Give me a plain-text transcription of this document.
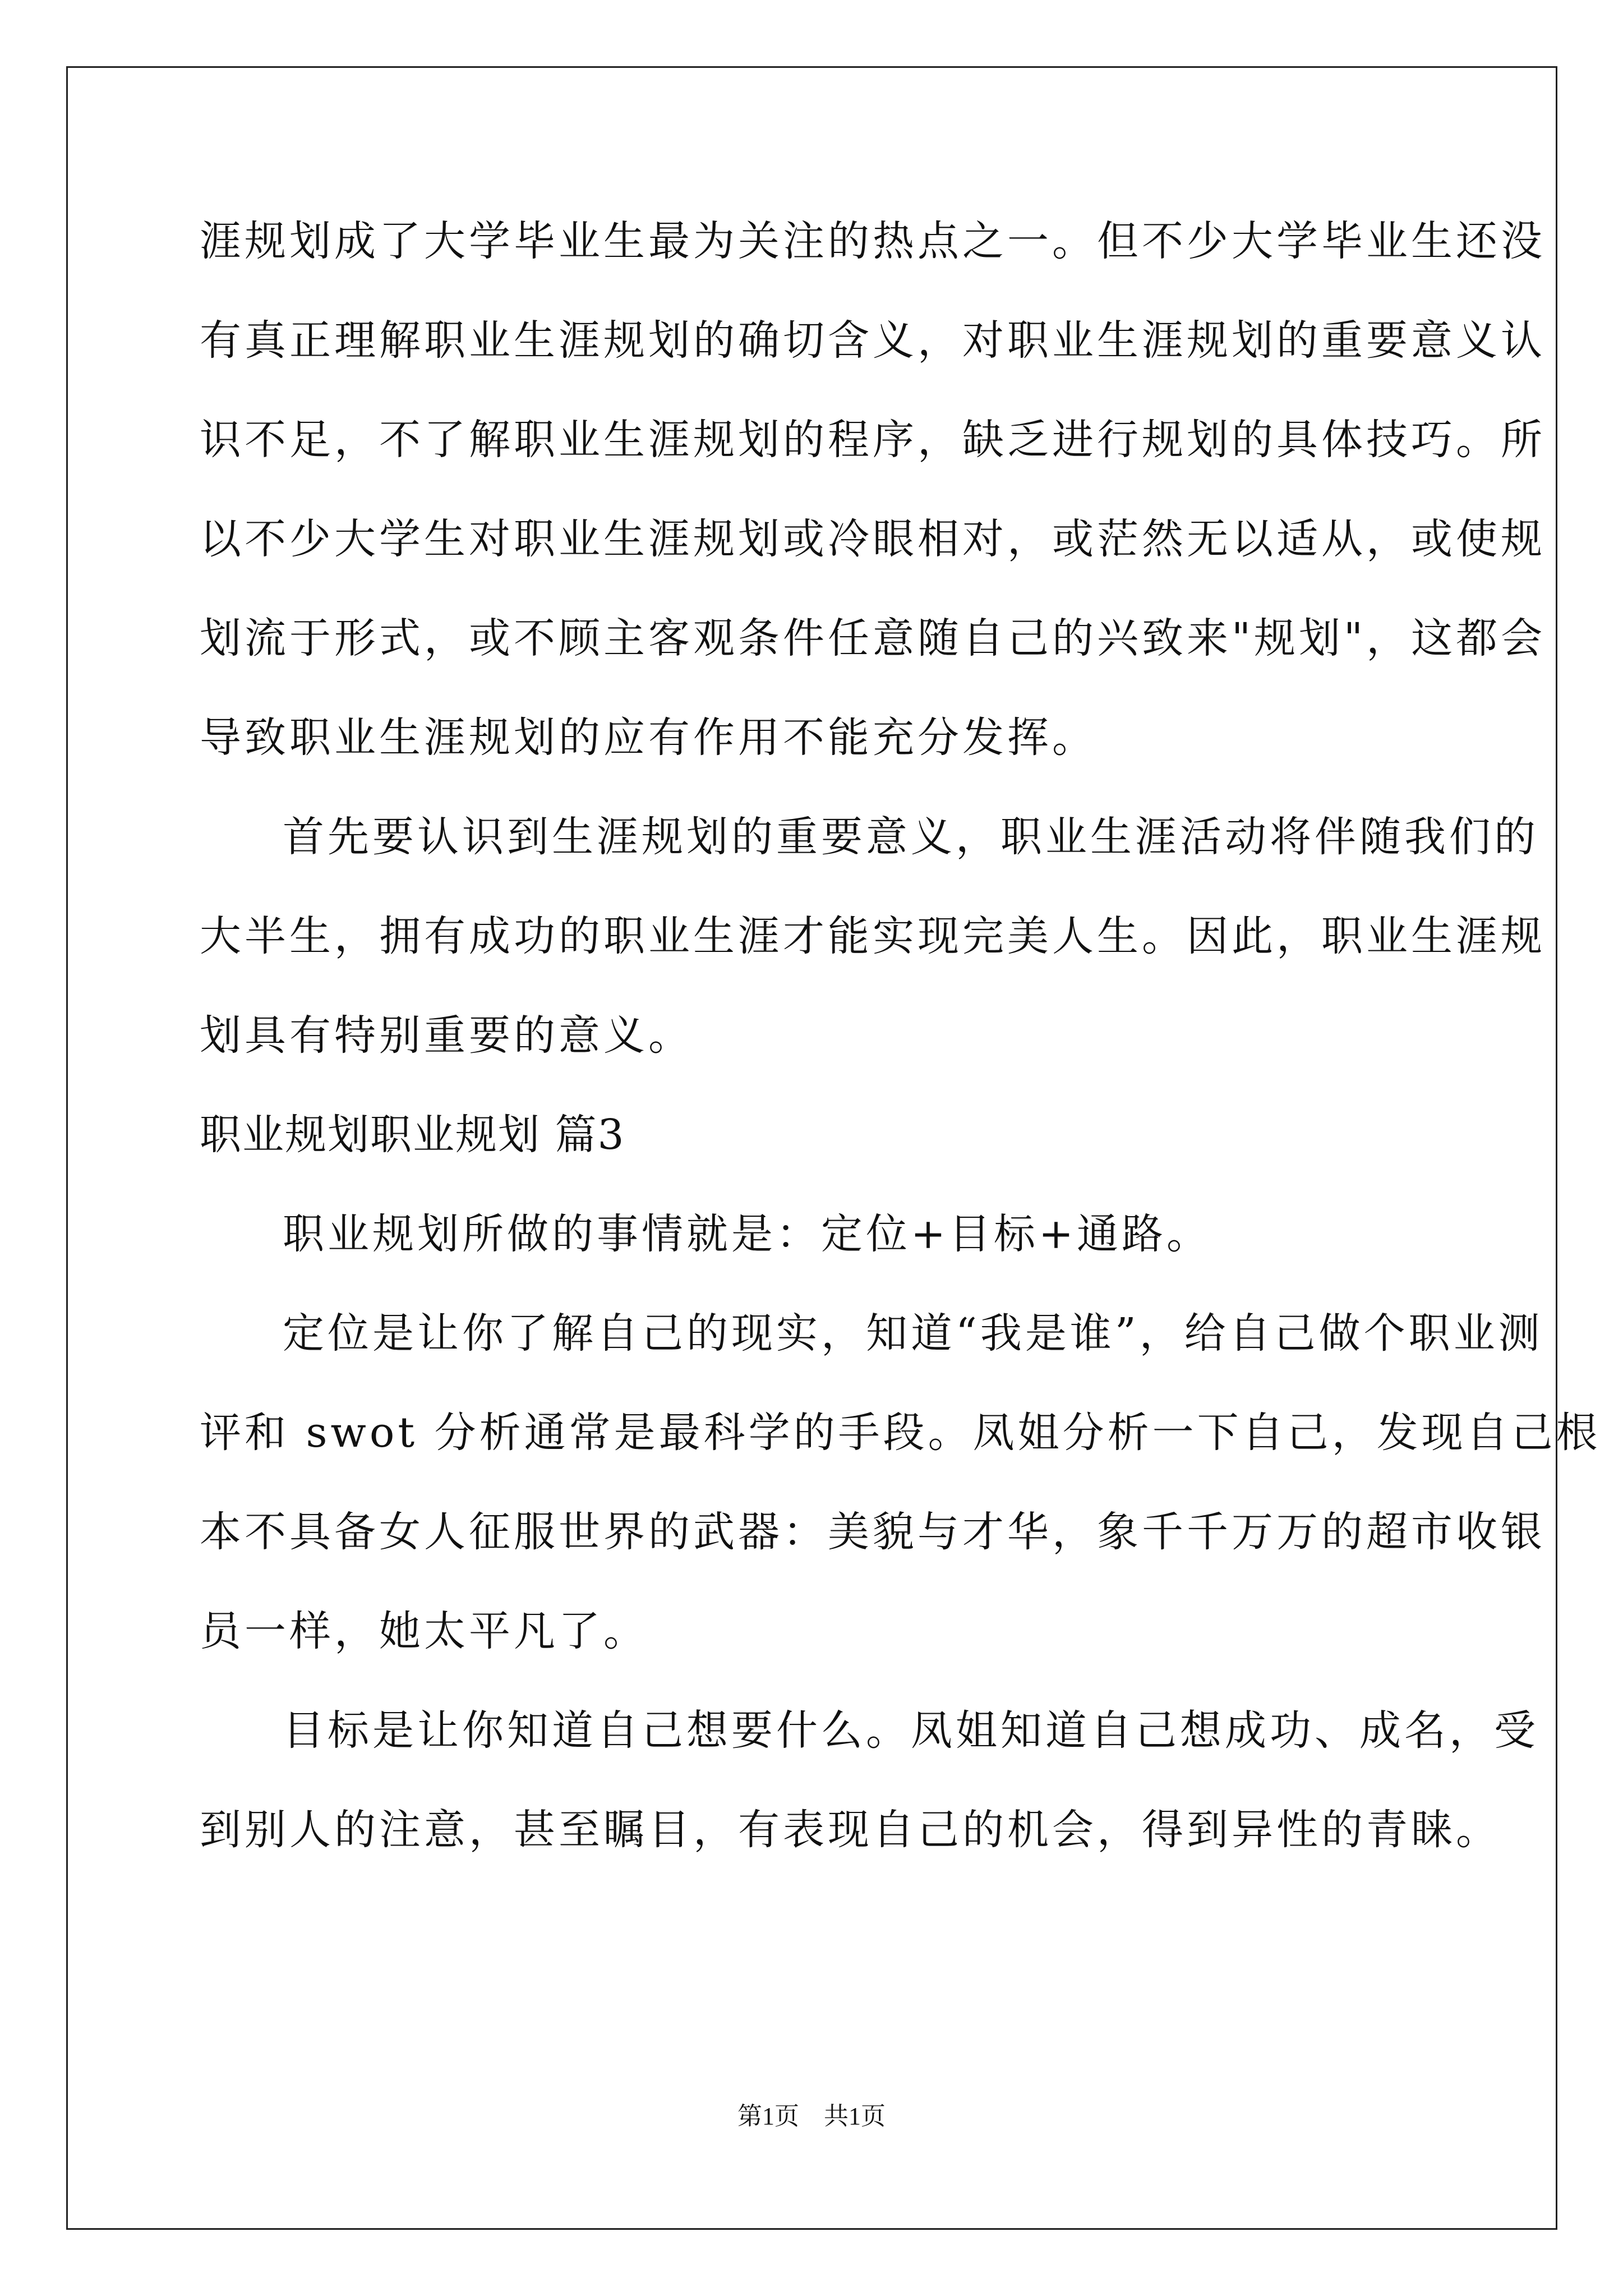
涯规划成了大学毕业生最为关注的热点之一。但不少大学毕业生还没
有真正理解职业生涯规划的确切含义，对职业生涯规划的重要意义认
识不足，不了解职业生涯规划的程序，缺乏进行规划的具体技巧。所
以不少大学生对职业生涯规划或冷眼相对，或茫然无以适从，或使规
划流于形式，或不顾主客观条件任意随自己的兴致来"规划"，这都会
导致职业生涯规划的应有作用不能充分发挥。
首先要认识到生涯规划的重要意义，职业生涯活动将伴随我们的
大半生，拥有成功的职业生涯才能实现完美人生。因此，职业生涯规
划具有特别重要的意义。
职业规划职业规划 篇3
职业规划所做的事情就是：定位+目标+通路。
定位是让你了解自己的现实，知道“我是谁”，给自己做个职业测
评和 swot 分析通常是最科学的手段。凤姐分析一下自己，发现自己根
本不具备女人征服世界的武器：美貌与才华，象千千万万的超市收银
员一样，她太平凡了。
目标是让你知道自己想要什么。凤姐知道自己想成功、成名，受
到别人的注意，甚至瞩目，有表现自己的机会，得到异性的青睐。
第1页　共1页
